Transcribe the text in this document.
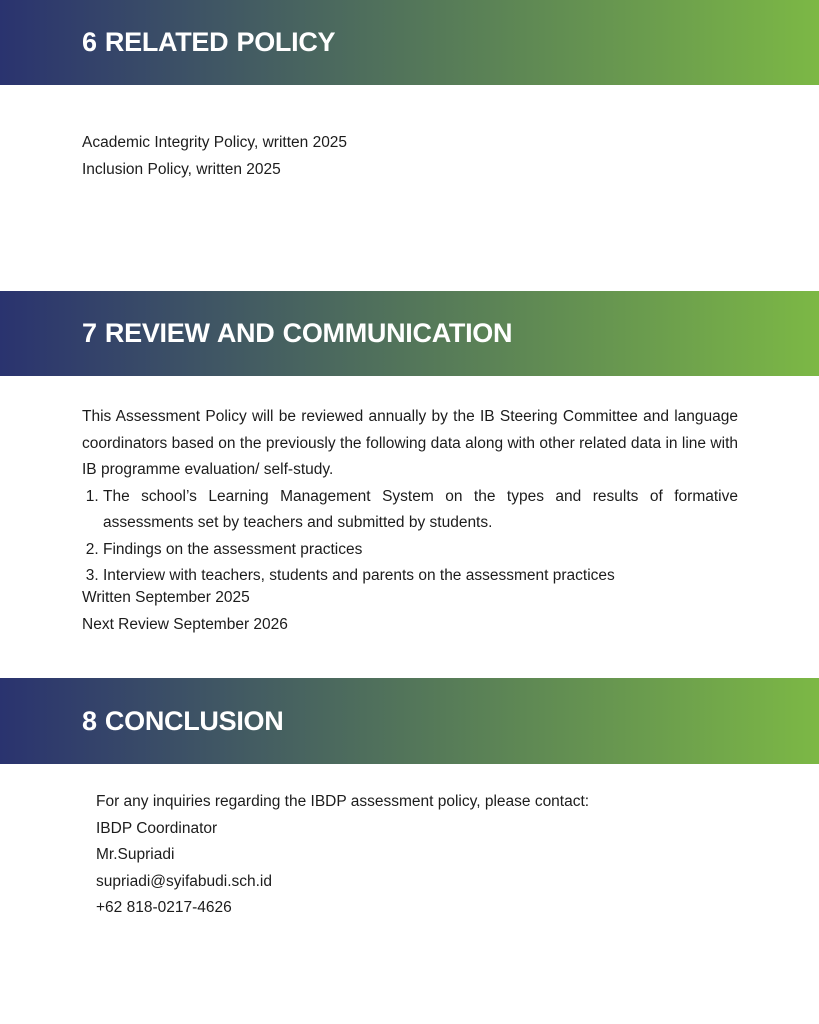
6 RELATED POLICY
Academic Integrity Policy, written 2025
Inclusion Policy, written 2025
7 REVIEW AND COMMUNICATION

This Assessment Policy will be reviewed annually by the IB Steering Committee and language coordinators based on the previously the following data along with other related data in line with IB programme evaluation/ self-study.

1. The school’s Learning Management System on the types and results of formative assessments set by teachers and submitted by students.
2. Findings on the assessment practices
3. Interview with teachers, students and parents on the assessment practices
Written September 2025
Next Review September 2026
8 CONCLUSION
For any inquiries regarding the IBDP assessment policy, please contact:
IBDP Coordinator
Mr.Supriadi
supriadi@syifabudi.sch.id
+62 818-0217-4626
